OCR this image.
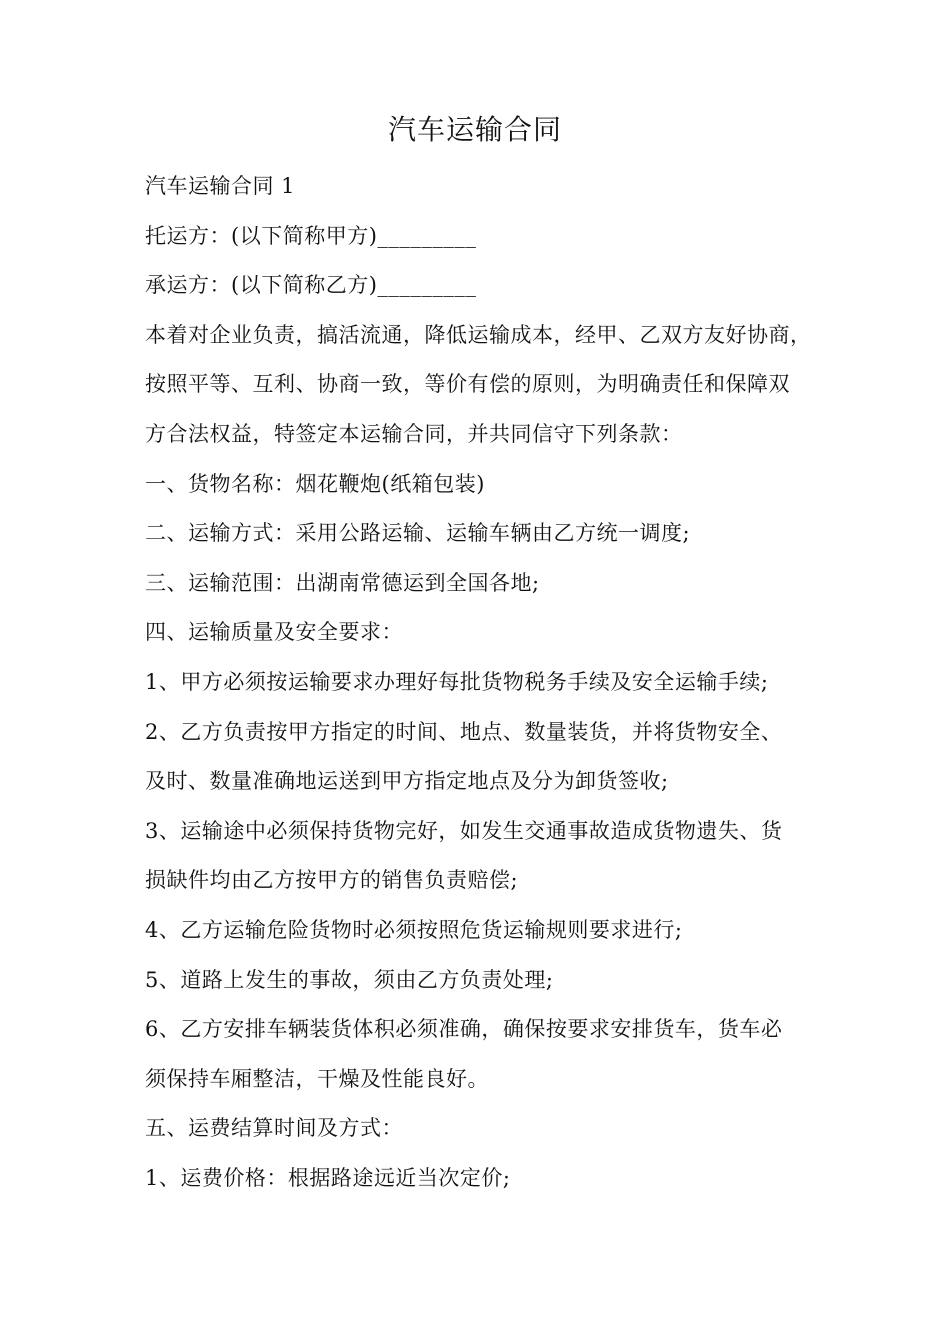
汽车运输合同
汽车运输合同 1
托运方：(以下简称甲方)_________
承运方：(以下简称乙方)_________
本着对企业负责，搞活流通，降低运输成本，经甲、乙双方友好协商，
按照平等、互利、协商一致，等价有偿的原则，为明确责任和保障双
方合法权益，特签定本运输合同，并共同信守下列条款：
一、货物名称：烟花鞭炮(纸箱包装)
二、运输方式：采用公路运输、运输车辆由乙方统一调度;
三、运输范围：出湖南常德运到全国各地;
四、运输质量及安全要求：
1、甲方必须按运输要求办理好每批货物税务手续及安全运输手续;
2、乙方负责按甲方指定的时间、地点、数量装货，并将货物安全、
及时、数量准确地运送到甲方指定地点及分为卸货签收;
3、运输途中必须保持货物完好，如发生交通事故造成货物遗失、货
损缺件均由乙方按甲方的销售负责赔偿;
4、乙方运输危险货物时必须按照危货运输规则要求进行;
5、道路上发生的事故，须由乙方负责处理;
6、乙方安排车辆装货体积必须准确，确保按要求安排货车，货车必
须保持车厢整洁，干燥及性能良好。
五、运费结算时间及方式：
1、运费价格：根据路途远近当次定价;
